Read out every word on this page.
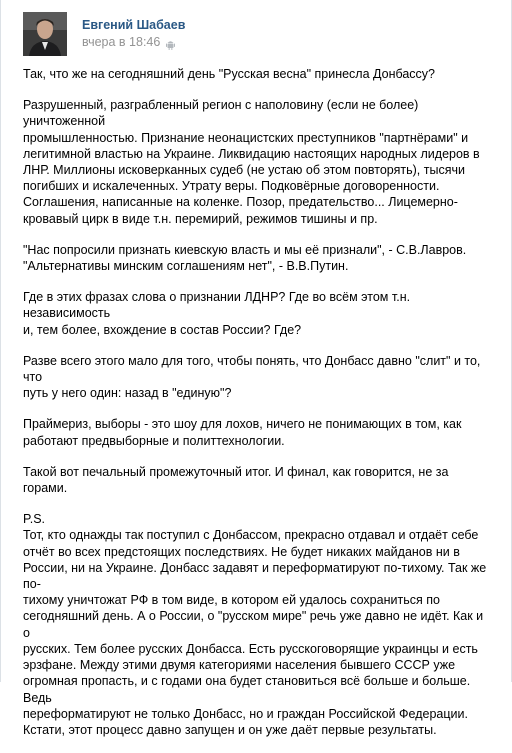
Евгений Шабаев
вчера в 18:46

Так, что же на сегодняшний день "Русская весна" принесла Донбассу?

Разрушенный, разграбленный регион с наполовину (если не более) уничтоженной
промышленностью. Признание неонацистских преступников "партнёрами" и
легитимной властью на Украине. Ликвидацию настоящих народных лидеров в
ЛНР. Миллионы исковерканных судеб (не устаю об этом повторять), тысячи
погибших и искалеченных. Утрату веры. Подковёрные договоренности.
Соглашения, написанные на коленке. Позор, предательство... Лицемерно-
кровавый цирк в виде т.н. перемирий, режимов тишины и пр.

"Нас попросили признать киевскую власть и мы её признали", - С.В.Лавров.
"Альтернативы минским соглашениям нет", - В.В.Путин.

Где в этих фразах слова о признании ЛДНР? Где во всём этом т.н. независимость
и, тем более, вхождение в состав России? Где?

Разве всего этого мало для того, чтобы понять, что Донбасс давно "слит" и то, что
путь у него один: назад в "единую"?

Праймериз, выборы - это шоу для лохов, ничего не понимающих в том, как
работают предвыборные и политтехнологии.

Такой вот печальный промежуточный итог. И финал, как говорится, не за горами.

P.S.
Тот, кто однажды так поступил с Донбассом, прекрасно отдавал и отдаёт себе
отчёт во всех предстоящих последствиях. Не будет никаких майданов ни в
России, ни на Украине. Донбасс задавят и переформатируют по-тихому. Так же по-
тихому уничтожат РФ в том виде, в котором ей удалось сохраниться по
сегодняшний день. А о России, о "русском мире" речь уже давно не идёт. Как и о
русских. Тем более русских Донбасса. Есть русскоговорящие украинцы и есть
эрзфане. Между этими двумя категориями населения бывшего СССР уже
огромная пропасть, и с годами она будет становиться всё больше и больше. Ведь
переформатируют не только Донбасс, но и граждан Российской Федерации.
Кстати, этот процесс давно запущен и он уже даёт первые результаты.
